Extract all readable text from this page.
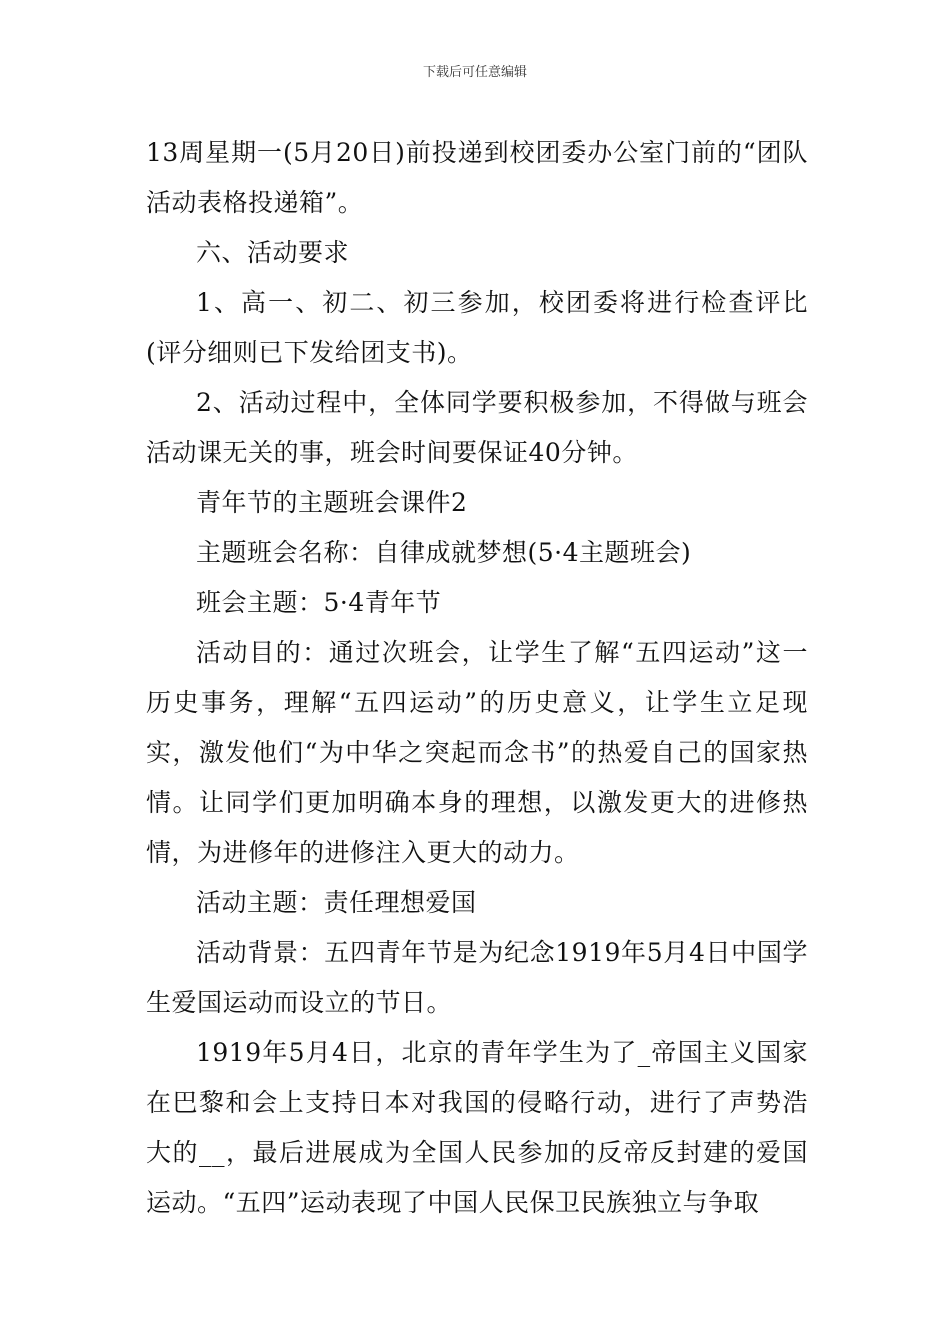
下载后可任意编辑

13周星期一(5月20日)前投递到校团委办公室门前的“团队活动表格投递箱”。

六、活动要求

1、高一、初二、初三参加，校团委将进行检查评比(评分细则已下发给团支书)。

2、活动过程中，全体同学要积极参加，不得做与班会活动课无关的事，班会时间要保证40分钟。

青年节的主题班会课件2

主题班会名称：自律成就梦想(5·4主题班会)

班会主题：5·4青年节

活动目的：通过次班会，让学生了解“五四运动”这一历史事务，理解“五四运动”的历史意义，让学生立足现实，激发他们“为中华之突起而念书”的热爱自己的国家热情。让同学们更加明确本身的理想，以激发更大的进修热情，为进修年的进修注入更大的动力。

活动主题：责任理想爱国

活动背景：五四青年节是为纪念1919年5月4日中国学生爱国运动而设立的节日。

1919年5月4日，北京的青年学生为了_帝国主义国家在巴黎和会上支持日本对我国的侵略行动，进行了声势浩大的__，最后进展成为全国人民参加的反帝反封建的爱国运动。“五四”运动表现了中国人民保卫民族独立与争取
